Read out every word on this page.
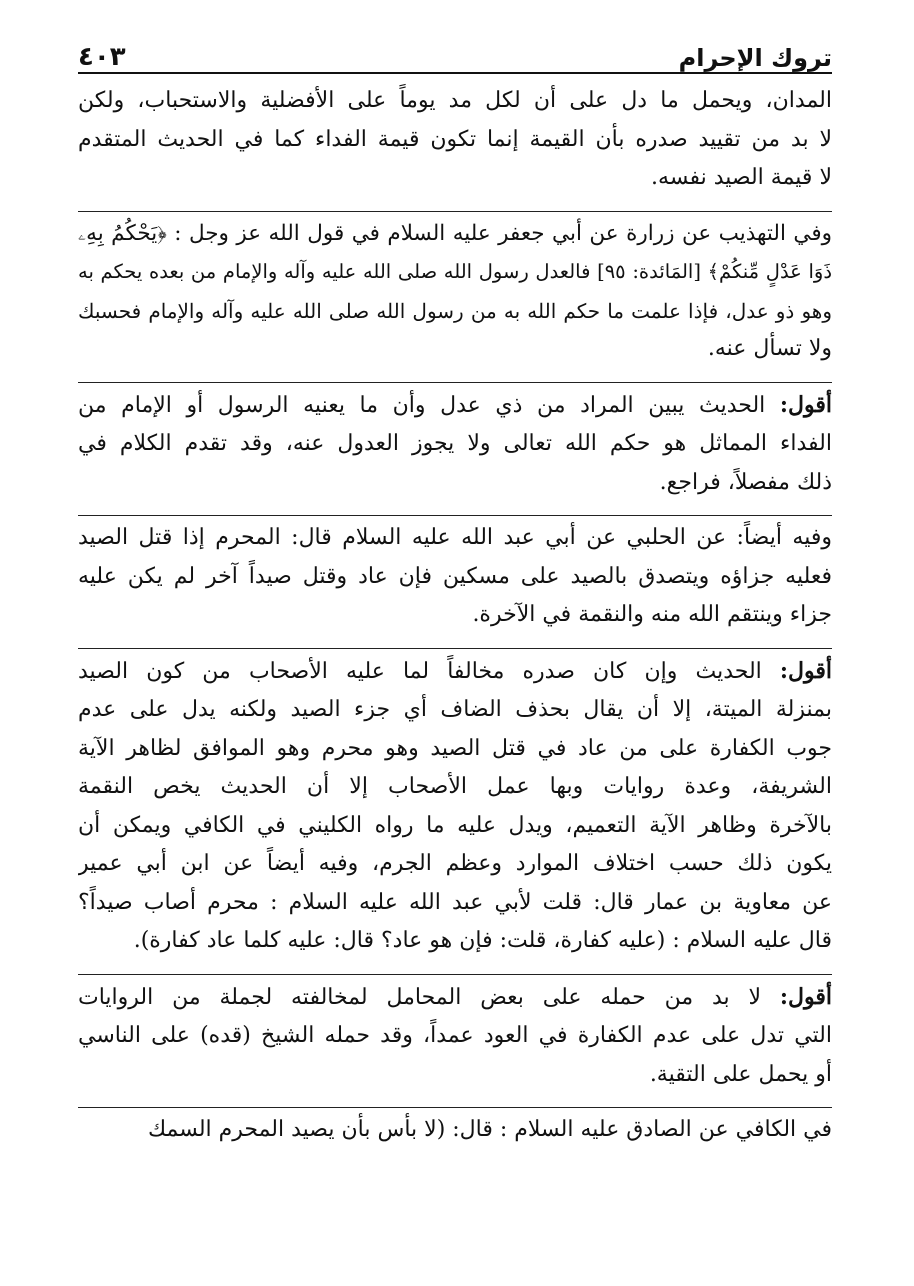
تروك الإحرام
٤٠٣
المدان، ويحمل ما دل على أن لكل مد يوماً على الأفضلية والاستحباب، ولكن
لا بد من تقييد صدره بأن القيمة إنما تكون قيمة الفداء كما في الحديث المتقدم
لا قيمة الصيد نفسه.
وفي التهذيب عن زرارة عن أبي جعفر عليه السلام في قول الله عز وجل : ﴿يَحْكُمُ بِهِۦ
ذَوَا عَدْلٍ مِّنكُمْ﴾ [المَائدة: ٩٥] فالعدل رسول الله صلى الله عليه وآله والإمام من بعده يحكم به
وهو ذو عدل، فإذا علمت ما حكم الله به من رسول الله صلى الله عليه وآله والإمام فحسبك
ولا تسأل عنه.
أقول: الحديث يبين المراد من ذي عدل وأن ما يعنيه الرسول أو الإمام من
الفداء المماثل هو حكم الله تعالى ولا يجوز العدول عنه، وقد تقدم الكلام في
ذلك مفصلاً، فراجع.
وفيه أيضاً: عن الحلبي عن أبي عبد الله عليه السلام قال: المحرم إذا قتل الصيد
فعليه جزاؤه ويتصدق بالصيد على مسكين فإن عاد وقتل صيداً آخر لم يكن عليه
جزاء وينتقم الله منه والنقمة في الآخرة.
أقول: الحديث وإن كان صدره مخالفاً لما عليه الأصحاب من كون الصيد
بمنزلة الميتة، إلا أن يقال بحذف الضاف أي جزء الصيد ولكنه يدل على عدم
جوب الكفارة على من عاد في قتل الصيد وهو محرم وهو الموافق لظاهر الآية
الشريفة، وعدة روايات وبها عمل الأصحاب إلا أن الحديث يخص النقمة
بالآخرة وظاهر الآية التعميم، ويدل عليه ما رواه الكليني في الكافي ويمكن أن
يكون ذلك حسب اختلاف الموارد وعظم الجرم، وفيه أيضاً عن ابن أبي عمير
عن معاوية بن عمار قال: قلت لأبي عبد الله عليه السلام : محرم أصاب صيداً؟
قال عليه السلام : (عليه كفارة، قلت: فإن هو عاد؟ قال: عليه كلما عاد كفارة).
أقول: لا بد من حمله على بعض المحامل لمخالفته لجملة من الروايات
التي تدل على عدم الكفارة في العود عمداً، وقد حمله الشيخ (قده) على الناسي
أو يحمل على التقية.
في الكافي عن الصادق عليه السلام : قال: (لا بأس بأن يصيد المحرم السمك
